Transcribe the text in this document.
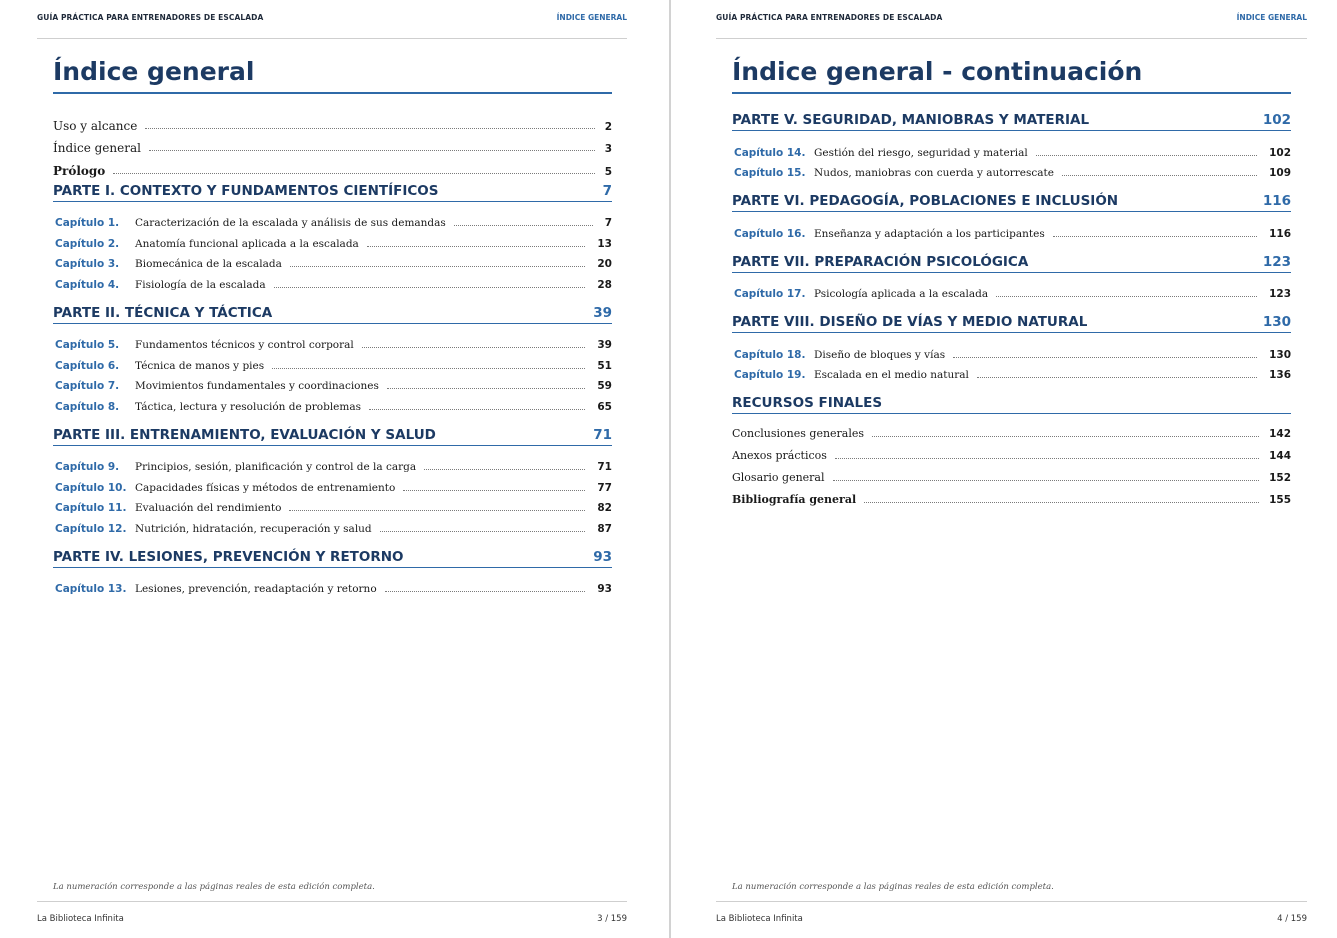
GUÍA PRÁCTICA PARA ENTRENADORES DE ESCALADA	ÍNDICE GENERAL
Índice general
Uso y alcance	2
Índice general	3
Prólogo	5
PARTE I. CONTEXTO Y FUNDAMENTOS CIENTÍFICOS	7
Capítulo 1.	Caracterización de la escalada y análisis de sus demandas	7
Capítulo 2.	Anatomía funcional aplicada a la escalada	13
Capítulo 3.	Biomecánica de la escalada	20
Capítulo 4.	Fisiología de la escalada	28
PARTE II. TÉCNICA Y TÁCTICA	39
Capítulo 5.	Fundamentos técnicos y control corporal	39
Capítulo 6.	Técnica de manos y pies	51
Capítulo 7.	Movimientos fundamentales y coordinaciones	59
Capítulo 8.	Táctica, lectura y resolución de problemas	65
PARTE III. ENTRENAMIENTO, EVALUACIÓN Y SALUD	71
Capítulo 9.	Principios, sesión, planificación y control de la carga	71
Capítulo 10. Capacidades físicas y métodos de entrenamiento	77
Capítulo 11. Evaluación del rendimiento	82
Capítulo 12. Nutrición, hidratación, recuperación y salud	87
PARTE IV. LESIONES, PREVENCIÓN Y RETORNO	93
Capítulo 13. Lesiones, prevención, readaptación y retorno	93
La numeración corresponde a las páginas reales de esta edición completa.
La Biblioteca Infinita	3 / 159
GUÍA PRÁCTICA PARA ENTRENADORES DE ESCALADA	ÍNDICE GENERAL
Índice general - continuación
PARTE V. SEGURIDAD, MANIOBRAS Y MATERIAL	102
Capítulo 14. Gestión del riesgo, seguridad y material	102
Capítulo 15. Nudos, maniobras con cuerda y autorrescate	109
PARTE VI. PEDAGOGÍA, POBLACIONES E INCLUSIÓN	116
Capítulo 16. Enseñanza y adaptación a los participantes	116
PARTE VII. PREPARACIÓN PSICOLÓGICA	123
Capítulo 17. Psicología aplicada a la escalada	123
PARTE VIII. DISEÑO DE VÍAS Y MEDIO NATURAL	130
Capítulo 18. Diseño de bloques y vías	130
Capítulo 19. Escalada en el medio natural	136
RECURSOS FINALES
Conclusiones generales	142
Anexos prácticos	144
Glosario general	152
Bibliografía general	155
La numeración corresponde a las páginas reales de esta edición completa.
La Biblioteca Infinita	4 / 159
